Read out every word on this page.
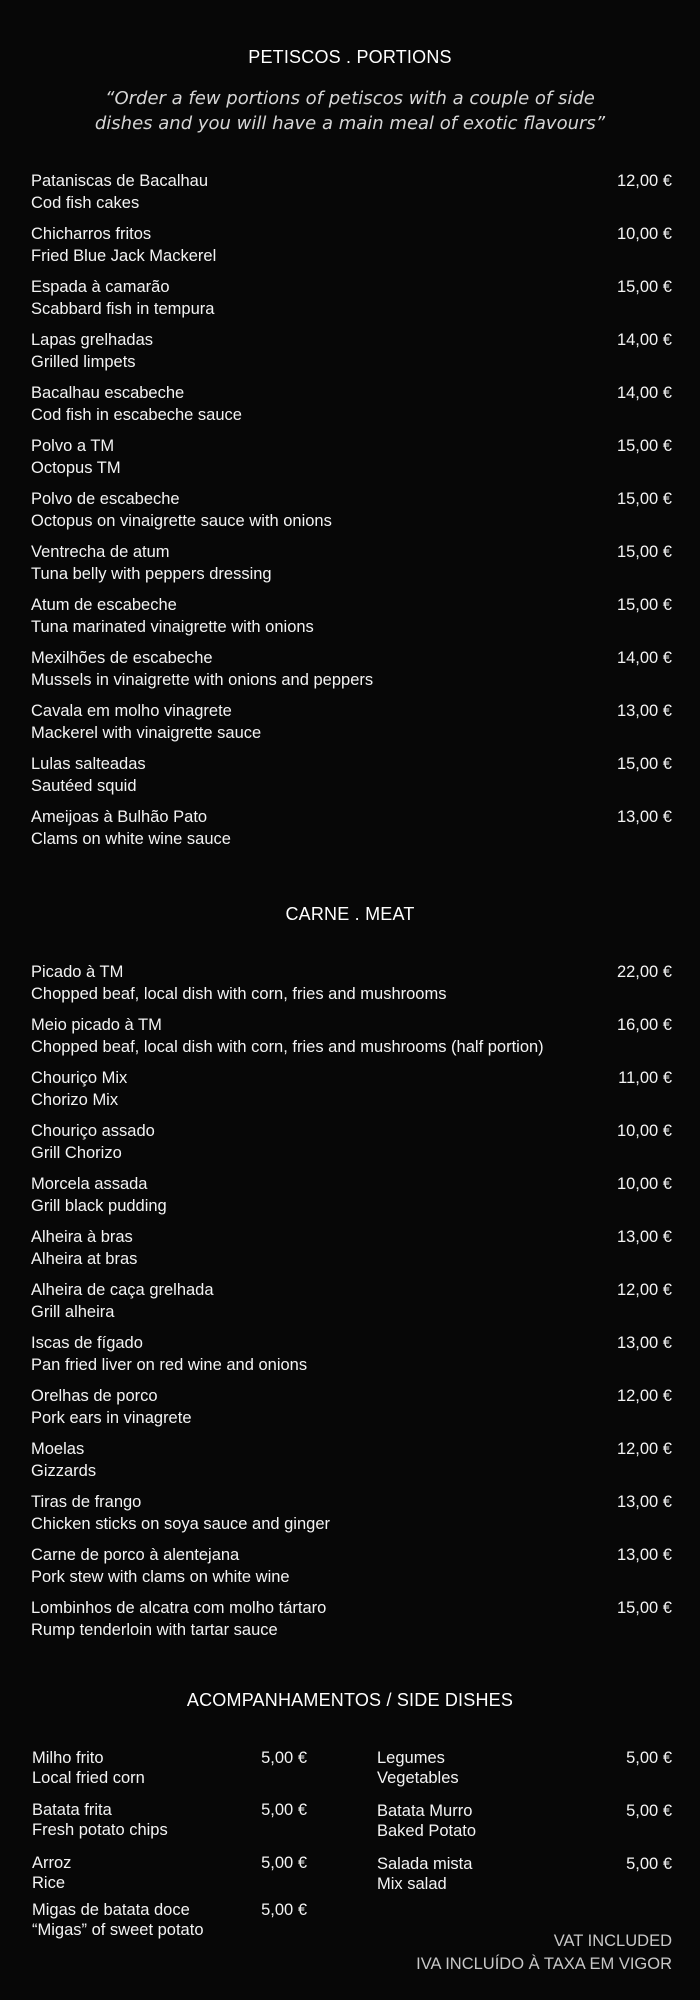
PETISCOS . PORTIONS
“Order a few portions of petiscos with a couple of side
dishes and you will have a main meal of exotic flavours”
Pataniscas de Bacalhau
Cod fish cakes
12,00 €
Chicharros fritos
Fried Blue Jack Mackerel
10,00 €
Espada à camarão
Scabbard fish in tempura
15,00 €
Lapas grelhadas
Grilled limpets
14,00 €
Bacalhau escabeche
Cod fish in escabeche sauce
14,00 €
Polvo a TM
Octopus TM
15,00 €
Polvo de escabeche
Octopus on vinaigrette sauce with onions
15,00 €
Ventrecha de atum
Tuna belly with peppers dressing
15,00 €
Atum de escabeche
Tuna marinated vinaigrette with onions
15,00 €
Mexilhões de escabeche
Mussels in vinaigrette with onions and peppers
14,00 €
Cavala em molho vinagrete
Mackerel with vinaigrette sauce
13,00 €
Lulas salteadas
Sautéed squid
15,00 €
Ameijoas à Bulhão Pato
Clams on white wine sauce
13,00 €
CARNE . MEAT
Picado à TM
Chopped beaf, local dish with corn, fries and mushrooms
22,00 €
Meio picado à TM
Chopped beaf, local dish with corn, fries and mushrooms (half portion)
16,00 €
Chouriço Mix
Chorizo Mix
11,00 €
Chouriço assado
Grill Chorizo
10,00 €
Morcela assada
Grill black pudding
10,00 €
Alheira à bras
Alheira at bras
13,00 €
Alheira de caça grelhada
Grill alheira
12,00 €
Iscas de fígado
Pan fried liver on red wine and onions
13,00 €
Orelhas de porco
Pork ears in vinagrete
12,00 €
Moelas
Gizzards
12,00 €
Tiras de frango
Chicken sticks on soya sauce and ginger
13,00 €
Carne de porco à alentejana
Pork stew with clams on white wine
13,00 €
Lombinhos de alcatra com molho tártaro
Rump tenderloin with tartar sauce
15,00 €
ACOMPANHAMENTOS / SIDE DISHES
Milho frito
Local fried corn
5,00 €
Batata frita
Fresh potato chips
5,00 €
Arroz
Rice
5,00 €
Migas de batata doce
“Migas” of sweet potato
5,00 €
Legumes
Vegetables
5,00 €
Batata Murro
Baked Potato
5,00 €
Salada mista
Mix salad
5,00 €
VAT INCLUDED
IVA INCLUÍDO À TAXA EM VIGOR
